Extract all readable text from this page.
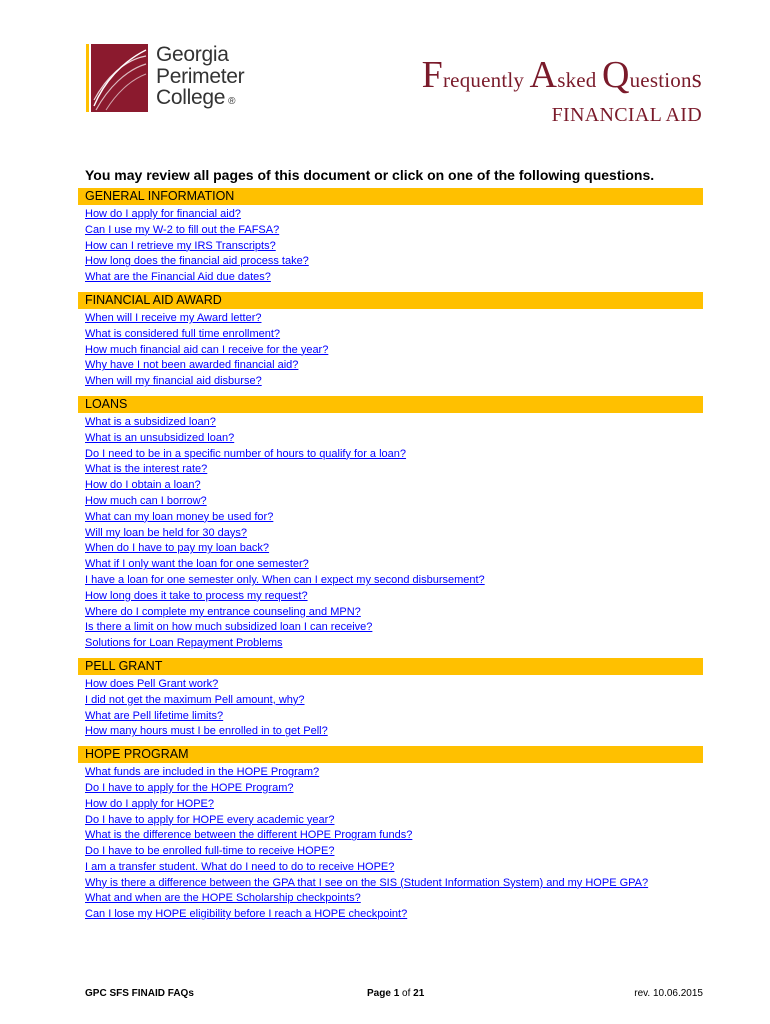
Georgia
Perimeter
College ®
Frequently Asked Questions
FINANCIAL AID
You may review all pages of this document or click on one of the following questions.
GENERAL INFORMATION
How do I apply for financial aid?
Can I use my W-2 to fill out the FAFSA?
How can I retrieve my IRS Transcripts?
How long does the financial aid process take?
What are the Financial Aid due dates?
FINANCIAL AID AWARD
When will I receive my Award letter?
What is considered full time enrollment?
How much financial aid can I receive for the year?
Why have I not been awarded financial aid?
When will my financial aid disburse?
LOANS
What is a subsidized loan?
What is an unsubsidized loan?
Do I need to be in a specific number of hours to qualify for a loan?
What is the interest rate?
How do I obtain a loan?
How much can I borrow?
What can my loan money be used for?
Will my loan be held for 30 days?
When do I have to pay my loan back?
What if I only want the loan for one semester?
I have a loan for one semester only. When can I expect my second disbursement?
How long does it take to process my request?
Where do I complete my entrance counseling and MPN?
Is there a limit on how much subsidized loan I can receive?
Solutions for Loan Repayment Problems
PELL GRANT
How does Pell Grant work?
I did not get the maximum Pell amount, why?
What are Pell lifetime limits?
How many hours must I be enrolled in to get Pell?
HOPE PROGRAM
What funds are included in the HOPE Program?
Do I have to apply for the HOPE Program?
How do I apply for HOPE?
Do I have to apply for HOPE every academic year?
What is the difference between the different HOPE Program funds?
Do I have to be enrolled full-time to receive HOPE?
I am a transfer student. What do I need to do to receive HOPE?
Why is there a difference between the GPA that I see on the SIS (Student Information System) and my HOPE GPA?
What and when are the HOPE Scholarship checkpoints?
Can I lose my HOPE eligibility before I reach a HOPE checkpoint?
GPC SFS FINAID FAQs	Page 1 of 21	rev. 10.06.2015
